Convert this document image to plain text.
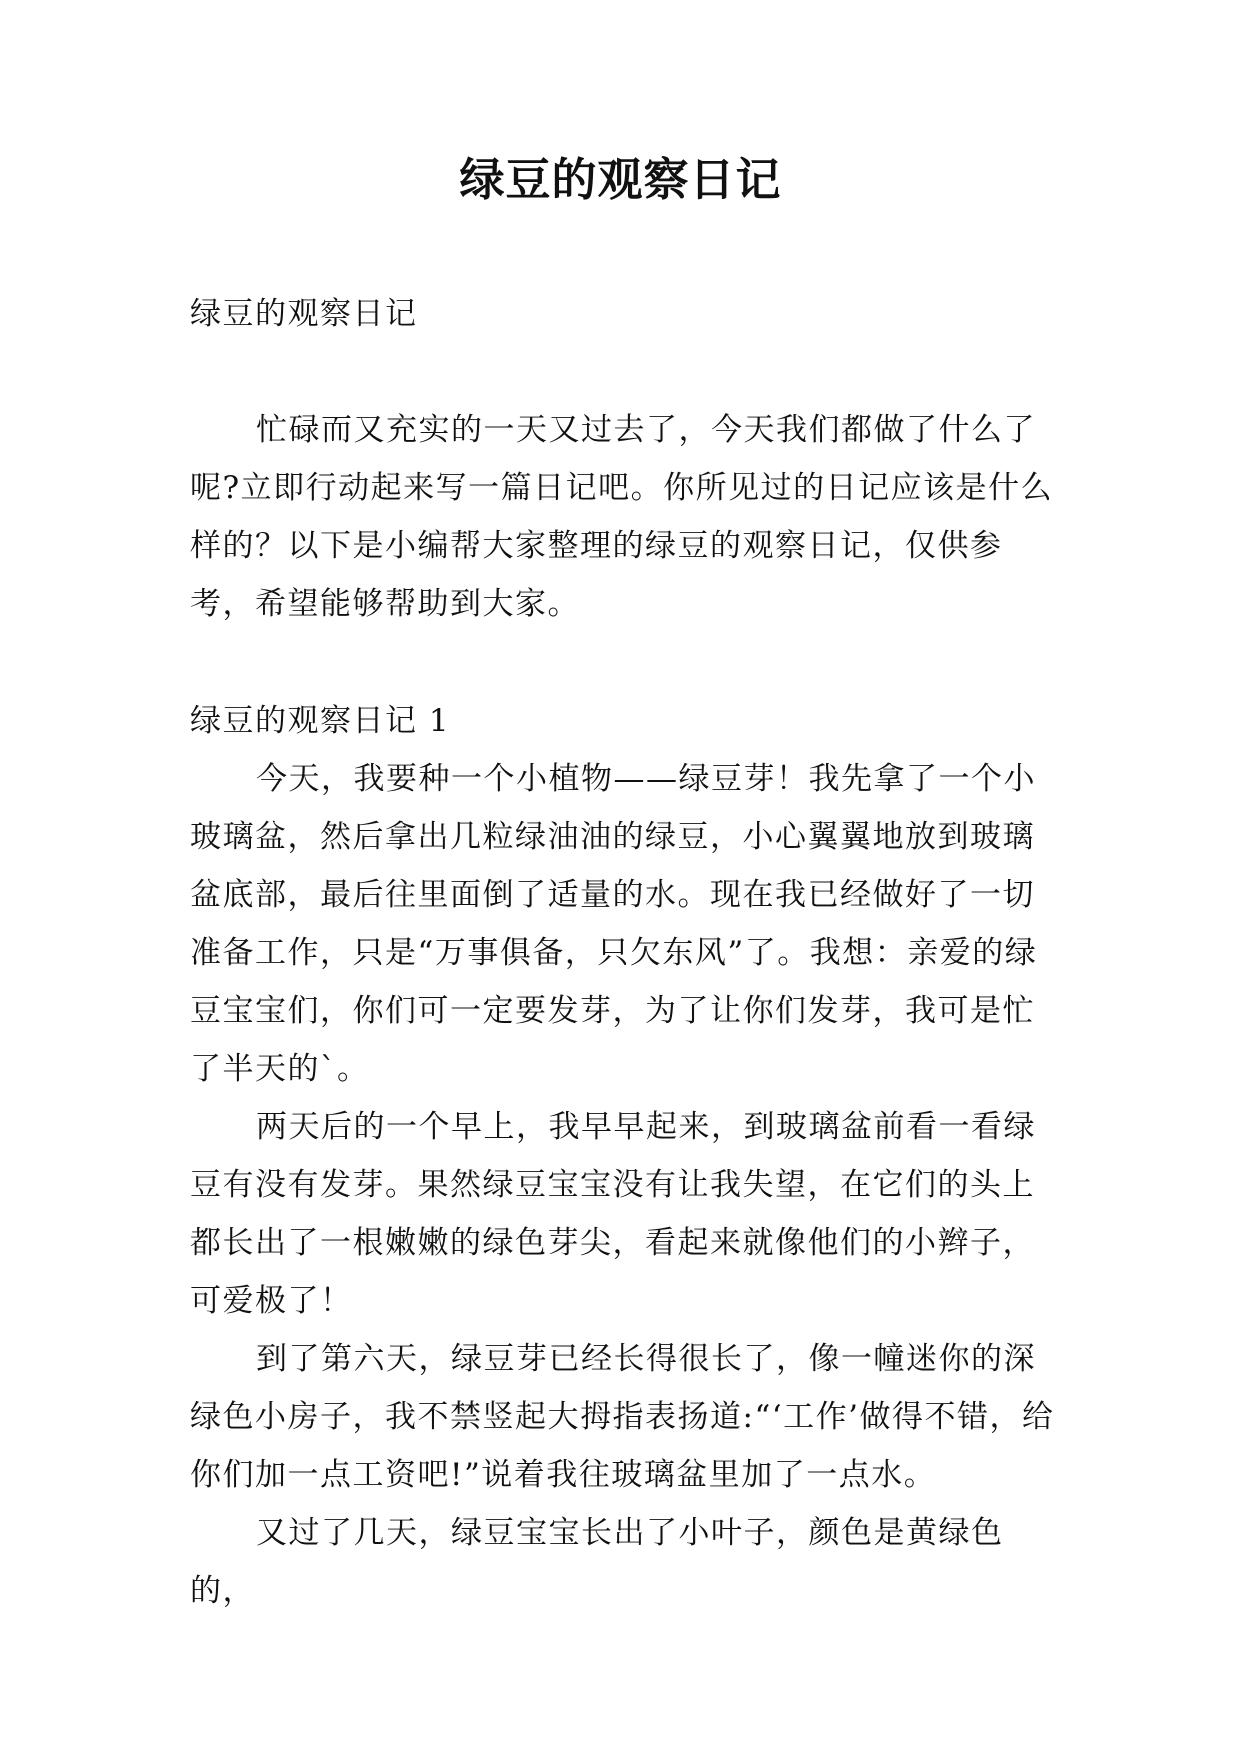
绿豆的观察日记
绿豆的观察日记

忙碌而又充实的一天又过去了，今天我们都做了什么了呢?立即行动起来写一篇日记吧。你所见过的日记应该是什么样的？以下是小编帮大家整理的绿豆的观察日记，仅供参考，希望能够帮助到大家。

绿豆的观察日记 1

今天，我要种一个小植物——绿豆芽！我先拿了一个小玻璃盆，然后拿出几粒绿油油的绿豆，小心翼翼地放到玻璃盆底部，最后往里面倒了适量的水。现在我已经做好了一切准备工作，只是“万事俱备，只欠东风”了。我想：亲爱的绿豆宝宝们，你们可一定要发芽，为了让你们发芽，我可是忙了半天的`。

两天后的一个早上，我早早起来，到玻璃盆前看一看绿豆有没有发芽。果然绿豆宝宝没有让我失望，在它们的头上都长出了一根嫩嫩的绿色芽尖，看起来就像他们的小辫子，可爱极了！

到了第六天，绿豆芽已经长得很长了，像一幢迷你的深绿色小房子，我不禁竖起大拇指表扬道:“‘工作’做得不错，给你们加一点工资吧!”说着我往玻璃盆里加了一点水。

又过了几天，绿豆宝宝长出了小叶子，颜色是黄绿色的，
